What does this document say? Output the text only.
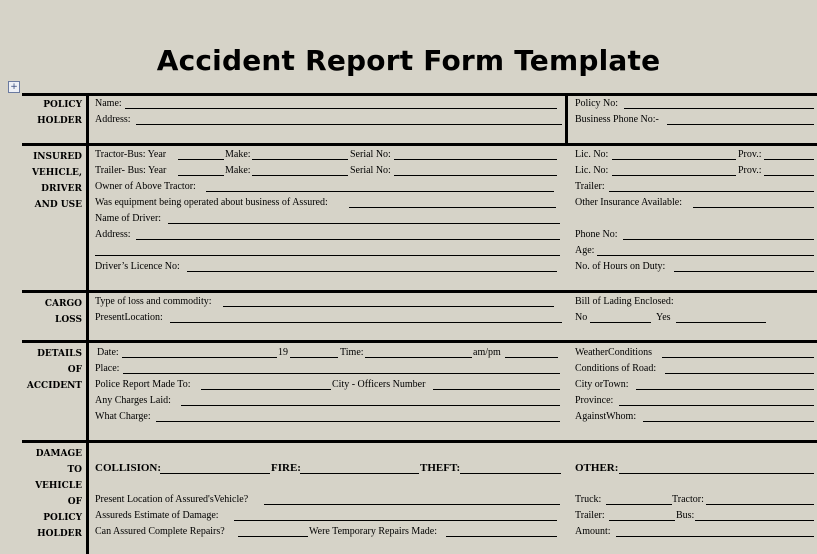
Accident Report Form Template
+
POLICY
HOLDER
Name:
Address:
Policy No:
Business Phone No:-
INSURED
VEHICLE,
DRIVER
AND USE
Tractor-Bus: Year	Make:	Serial No:	Lic. No:	Prov.:
Trailer- Bus: Year	Make:	Serial No:	Lic. No:	Prov.:
Owner of Above Tractor:	Trailer:
Was equipment being operated about business of Assured:	Other Insurance Available:
Name of Driver:
Address:	Phone No:
Age:
Driver’s Licence No:	No. of Hours on Duty:
CARGO
LOSS
Type of loss and commodity:
PresentLocation:
Bill of Lading Enclosed:
No	Yes
DETAILS
OF
ACCIDENT
Date:	19	Time:	am/pm
Place:
Police Report Made To:	City - Officers Number
Any Charges Laid:
What Charge:
WeatherConditions
Conditions of Road:
City orTown:
Province:
AgainstWhom:
DAMAGE
TO
VEHICLE
OF
POLICY
HOLDER
COLLISION:	FIRE:	THEFT:	OTHER:
Present Location of Assured'sVehicle?
Assureds Estimate of Damage:
Can Assured Complete Repairs?	Were Temporary Repairs Made:
Truck:	Tractor:
Trailer:	Bus:
Amount:
